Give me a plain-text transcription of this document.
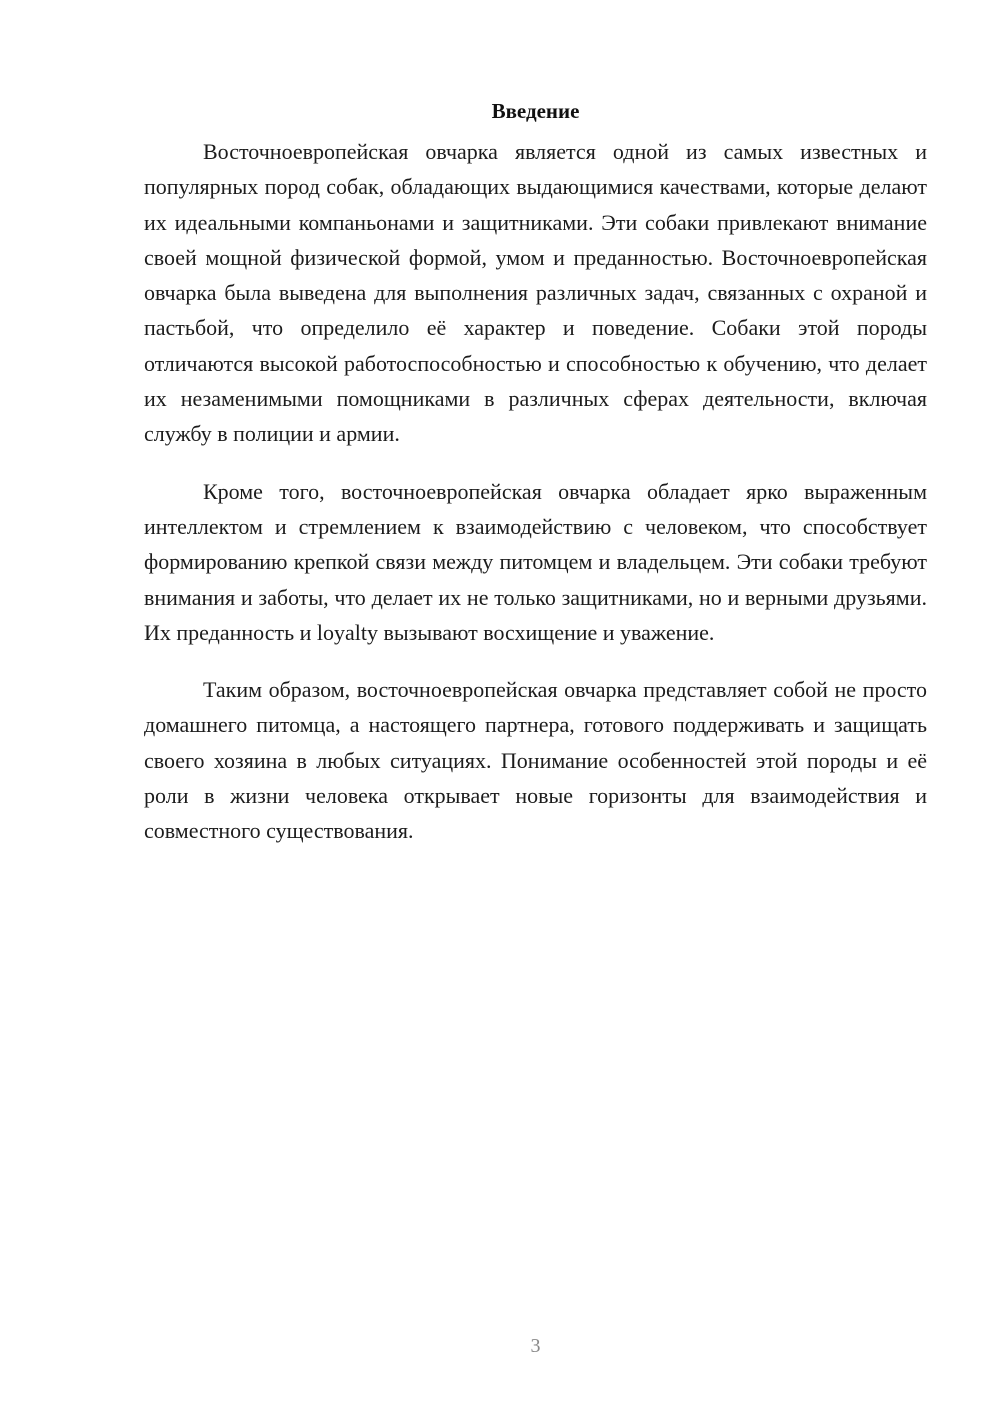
Введение

Восточноевропейская овчарка является одной из самых известных и популярных пород собак, обладающих выдающимися качествами, которые делают их идеальными компаньонами и защитниками. Эти собаки привлекают внимание своей мощной физической формой, умом и преданностью. Восточноевропейская овчарка была выведена для выполнения различных задач, связанных с охраной и пастьбой, что определило её характер и поведение. Собаки этой породы отличаются высокой работоспособностью и способностью к обучению, что делает их незаменимыми помощниками в различных сферах деятельности, включая службу в полиции и армии.

Кроме того, восточноевропейская овчарка обладает ярко выраженным интеллектом и стремлением к взаимодействию с человеком, что способствует формированию крепкой связи между питомцем и владельцем. Эти собаки требуют внимания и заботы, что делает их не только защитниками, но и верными друзьями. Их преданность и loyalty вызывают восхищение и уважение.

Таким образом, восточноевропейская овчарка представляет собой не просто домашнего питомца, а настоящего партнера, готового поддерживать и защищать своего хозяина в любых ситуациях. Понимание особенностей этой породы и её роли в жизни человека открывает новые горизонты для взаимодействия и совместного существования.

3
